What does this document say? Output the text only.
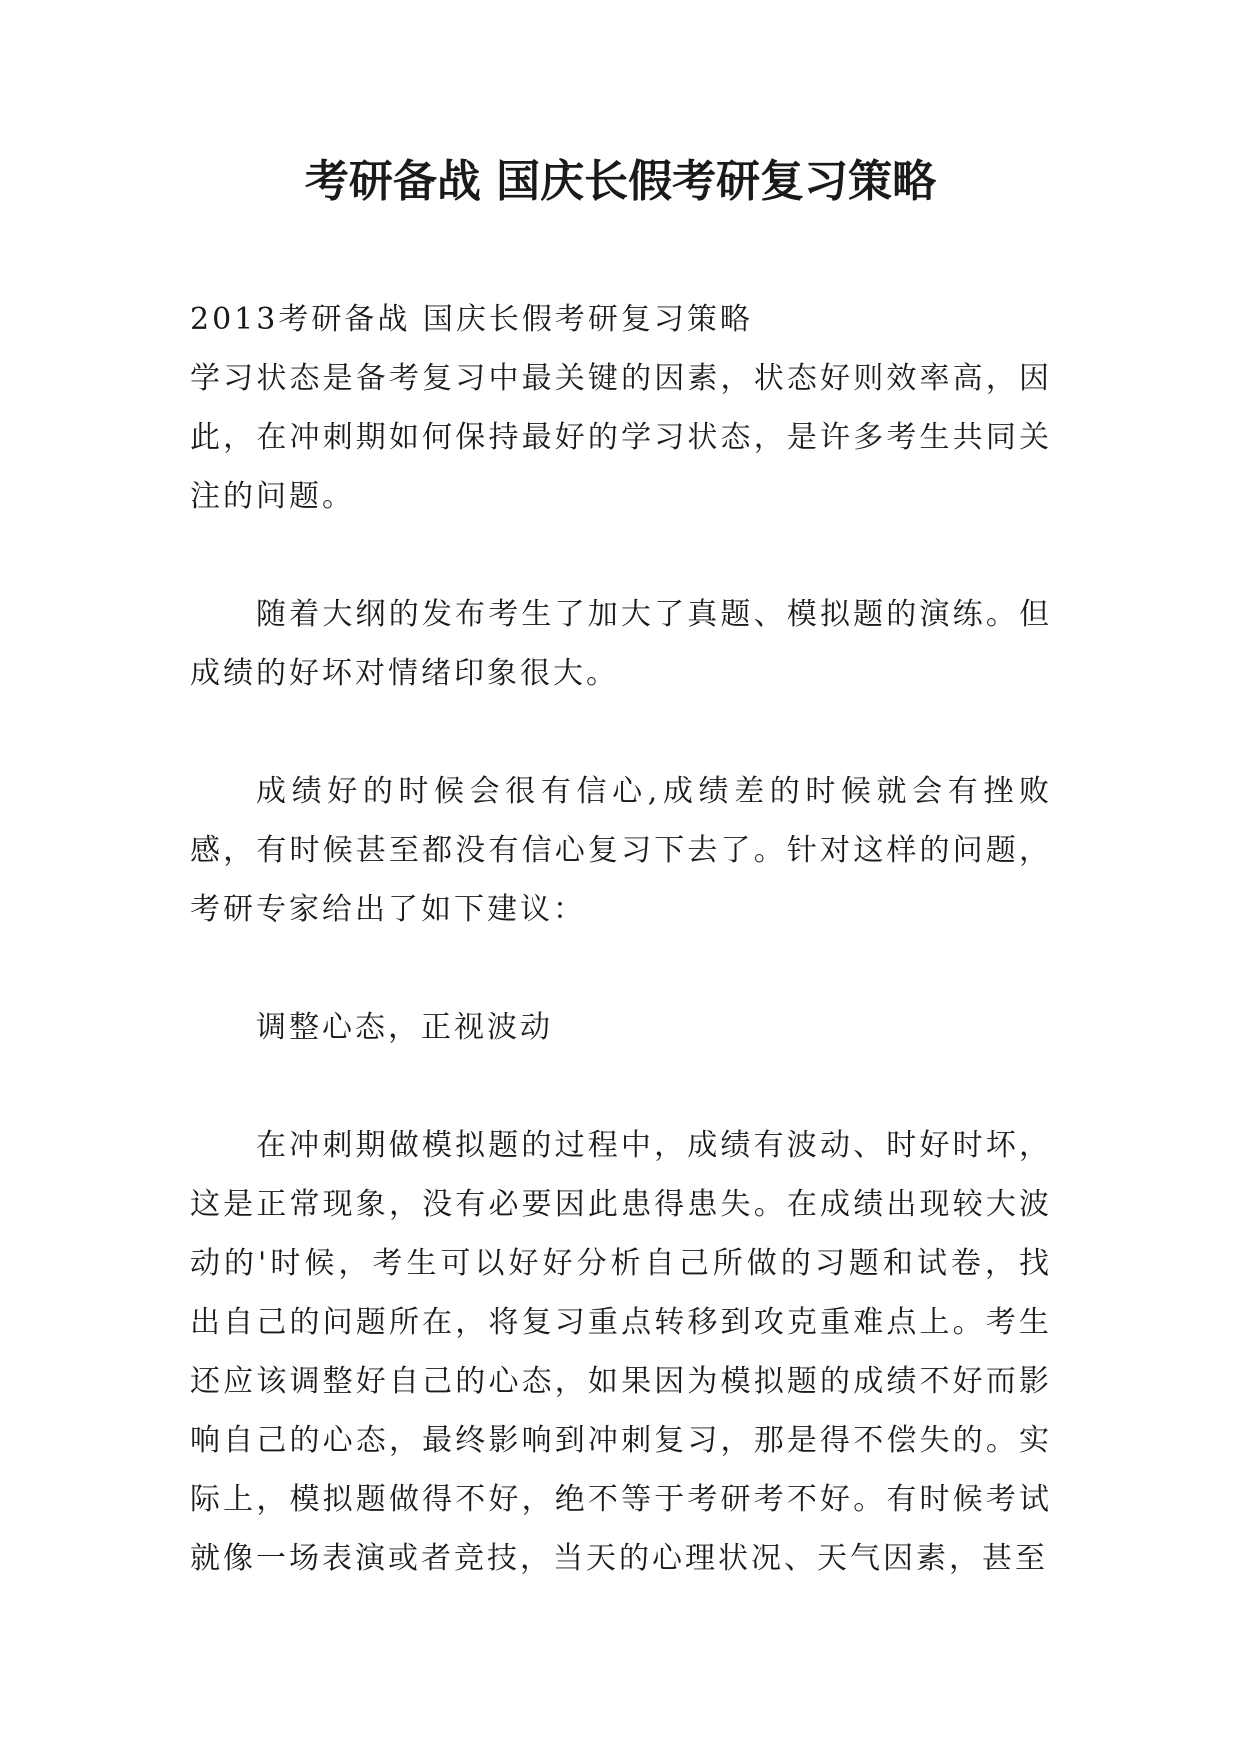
考研备战 国庆长假考研复习策略

2013考研备战 国庆长假考研复习策略

学习状态是备考复习中最关键的因素，状态好则效率高，因此，在冲刺期如何保持最好的学习状态，是许多考生共同关注的问题。

随着大纲的发布考生了加大了真题、模拟题的演练。但成绩的好坏对情绪印象很大。

成绩好的时候会很有信心,成绩差的时候就会有挫败感，有时候甚至都没有信心复习下去了。针对这样的问题，考研专家给出了如下建议：

调整心态，正视波动

在冲刺期做模拟题的过程中，成绩有波动、时好时坏，这是正常现象，没有必要因此患得患失。在成绩出现较大波动的'时候，考生可以好好分析自己所做的习题和试卷，找出自己的问题所在，将复习重点转移到攻克重难点上。考生还应该调整好自己的心态，如果因为模拟题的成绩不好而影响自己的心态，最终影响到冲刺复习，那是得不偿失的。实际上，模拟题做得不好，绝不等于考研考不好。有时候考试就像一场表演或者竞技，当天的心理状况、天气因素，甚至
